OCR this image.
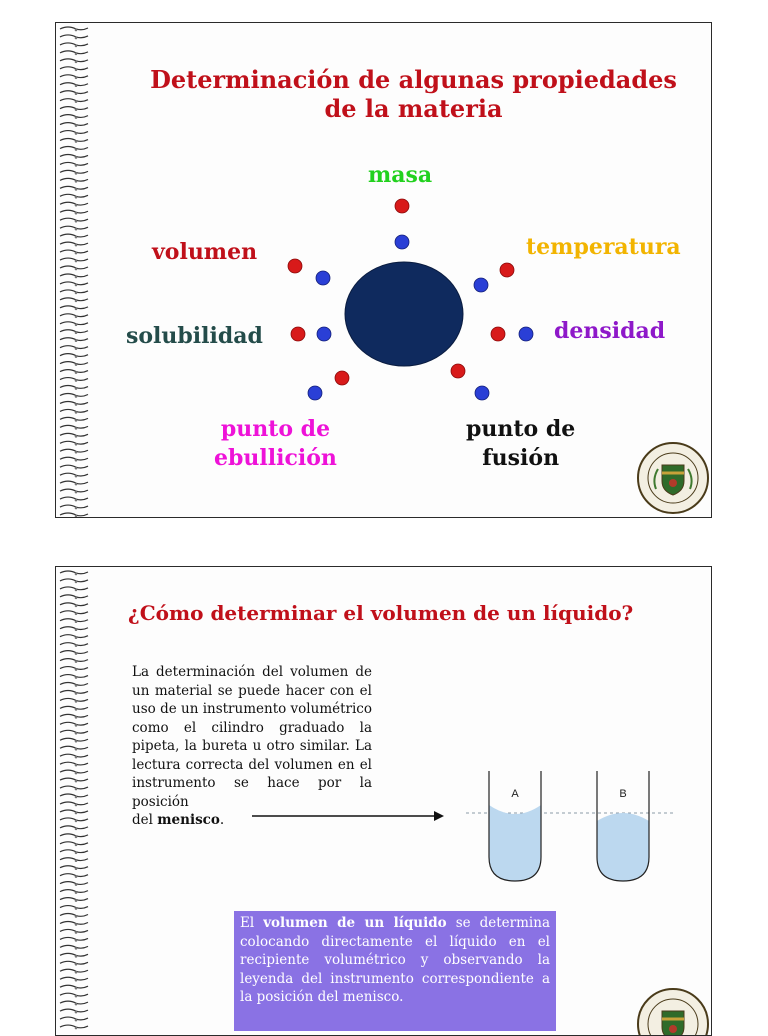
Determinación de algunas propiedades
de la materia
masa
temperatura
densidad
punto de
fusión
punto de
ebullición
solubilidad
volumen
¿Cómo determinar el volumen de un líquido?
La determinación del volumen de un material se puede hacer con el uso de un instrumento volumétrico como el cilindro graduado la pipeta, la bureta u otro similar. La lectura correcta del volumen en el instrumento se hace por la posición
del menisco.
A	B
El volumen de un líquido se determina colocando directamente el líquido en el recipiente volumétrico y observando la leyenda del instrumento correspondiente a la posición del menisco.
